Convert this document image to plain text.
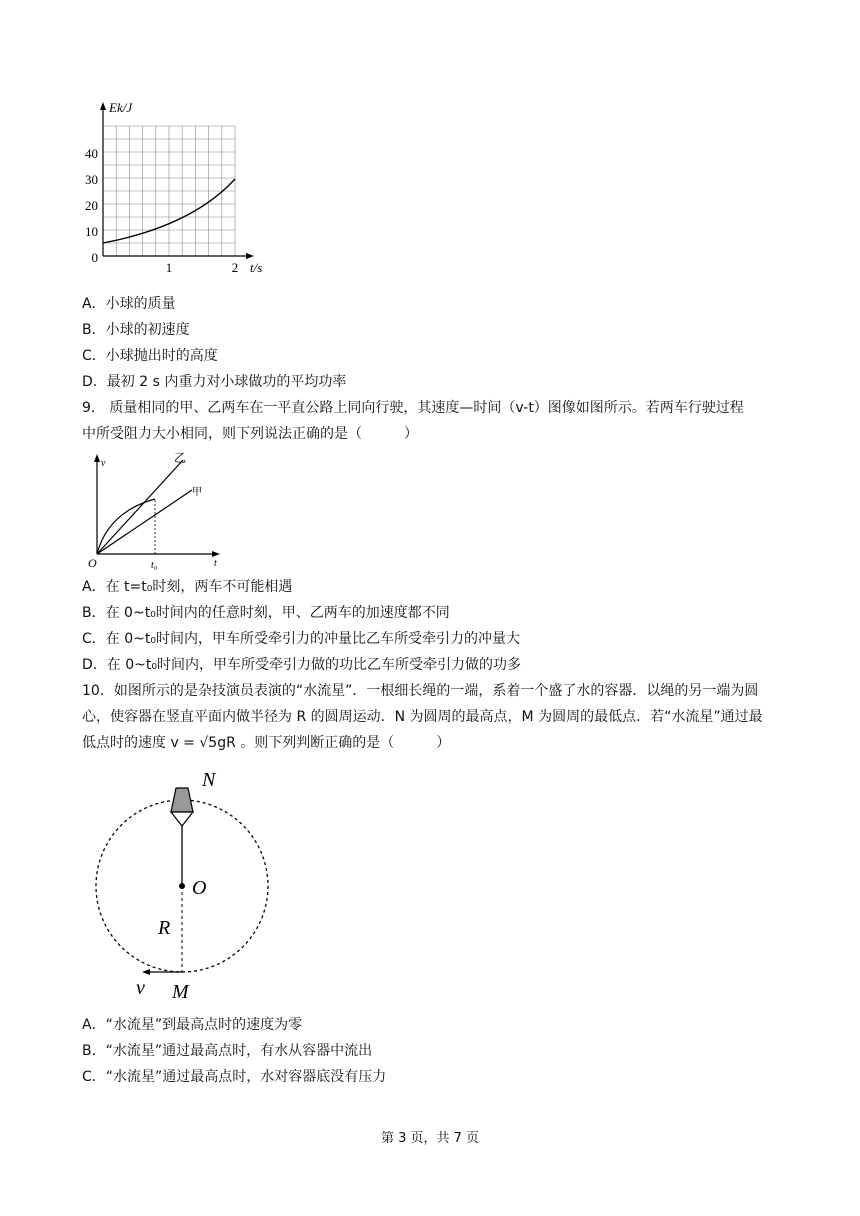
Ek/J
40
30
20
10
0
1	2 t/s
A．小球的质量
B．小球的初速度
C．小球抛出时的高度
D．最初 2 s 内重力对小球做功的平均功率
9． 质量相同的甲、乙两车在一平直公路上同向行驶，其速度—时间（v-t）图像如图所示。若两车行驶过程
中所受阻力大小相同，则下列说法正确的是（　　　）
v
t
O	t₀
乙
甲
A．在 t=t₀时刻，两车不可能相遇
B．在 0~t₀时间内的任意时刻，甲、乙两车的加速度都不同
C．在 0~t₀时间内，甲车所受牵引力的冲量比乙车所受牵引力的冲量大
D．在 0~t₀时间内，甲车所受牵引力做的功比乙车所受牵引力做的功多
10．如图所示的是杂技演员表演的“水流星”．一根细长绳的一端，系着一个盛了水的容器．以绳的另一端为圆
心，使容器在竖直平面内做半径为 R 的圆周运动．N 为圆周的最高点，M 为圆周的最低点．若“水流星”通过最
低点时的速度 v = √5gR 。则下列判断正确的是（　　　）
N
O
R
M
v
A．“水流星”到最高点时的速度为零
B．“水流星”通过最高点时，有水从容器中流出
C．“水流星”通过最高点时，水对容器底没有压力
第 3 页，共 7 页
